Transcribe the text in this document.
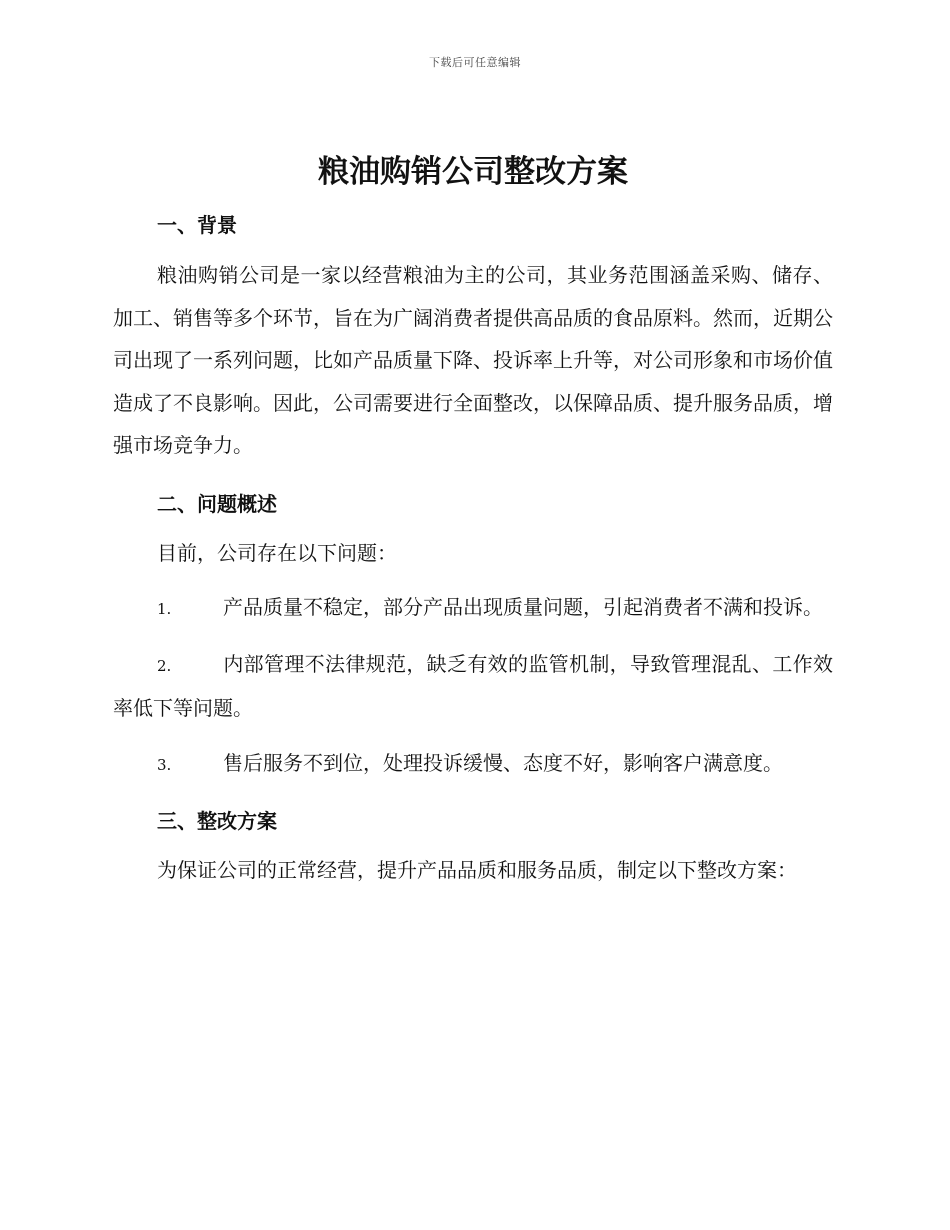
下载后可任意编辑
粮油购销公司整改方案
一、背景

粮油购销公司是一家以经营粮油为主的公司，其业务范围涵盖采购、储存、加工、销售等多个环节，旨在为广阔消费者提供高品质的食品原料。然而，近期公司出现了一系列问题，比如产品质量下降、投诉率上升等，对公司形象和市场价值造成了不良影响。因此，公司需要进行全面整改，以保障品质、提升服务品质，增强市场竞争力。

二、问题概述

目前，公司存在以下问题：

1.	产品质量不稳定，部分产品出现质量问题，引起消费者不满和投诉。

2.	内部管理不法律规范，缺乏有效的监管机制，导致管理混乱、工作效率低下等问题。

3.	售后服务不到位，处理投诉缓慢、态度不好，影响客户满意度。

三、整改方案

为保证公司的正常经营，提升产品品质和服务品质，制定以下整改方案：
